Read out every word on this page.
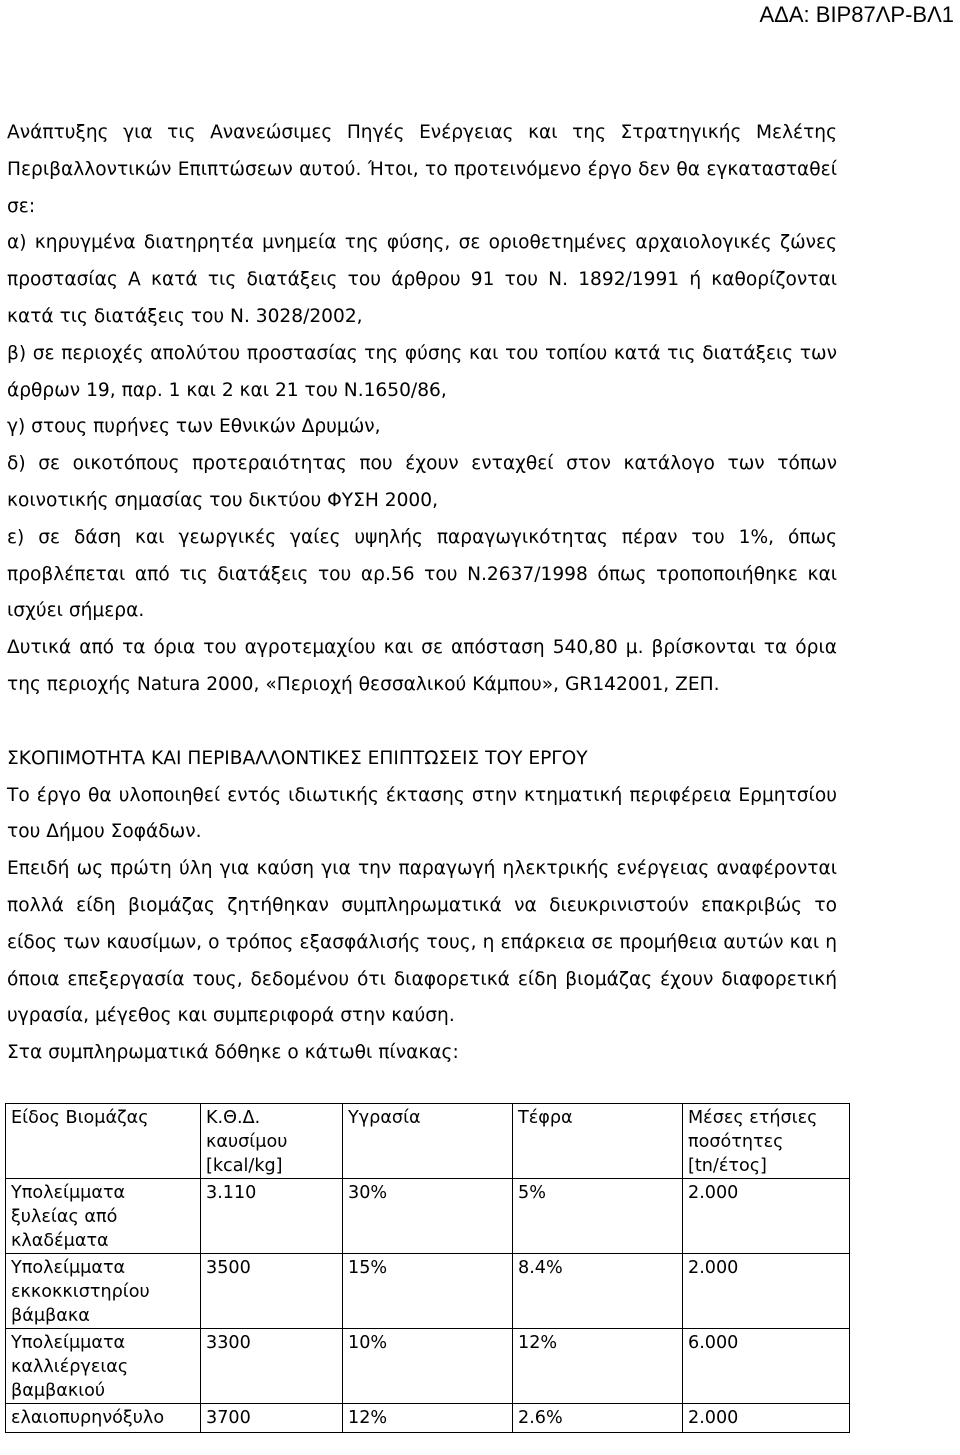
ΑΔΑ: ΒΙΡ87ΛΡ-ΒΛ1

Ανάπτυξης για τις Ανανεώσιμες Πηγές Ενέργειας και της Στρατηγικής Μελέτης Περιβαλλοντικών Επιπτώσεων αυτού. Ήτοι, το προτεινόμενο έργο δεν θα εγκατασταθεί σε:

α) κηρυγμένα διατηρητέα μνημεία της φύσης, σε οριοθετημένες αρχαιολογικές ζώνες προστασίας Α κατά τις διατάξεις του άρθρου 91 του Ν. 1892/1991 ή καθορίζονται κατά τις διατάξεις του Ν. 3028/2002,

β) σε περιοχές απολύτου προστασίας της φύσης και του τοπίου κατά τις διατάξεις των άρθρων 19, παρ. 1 και 2 και 21 του Ν.1650/86,

γ) στους πυρήνες των Εθνικών Δρυμών,

δ) σε οικοτόπους προτεραιότητας που έχουν ενταχθεί στον κατάλογο των τόπων κοινοτικής σημασίας του δικτύου ΦΥΣΗ 2000,

ε) σε δάση και γεωργικές γαίες υψηλής παραγωγικότητας πέραν του 1%, όπως προβλέπεται από τις διατάξεις του αρ.56 του Ν.2637/1998 όπως τροποποιήθηκε και ισχύει σήμερα.

Δυτικά από τα όρια του αγροτεμαχίου και σε απόσταση 540,80 μ. βρίσκονται τα όρια της περιοχής Natura 2000, «Περιοχή θεσσαλικού Κάμπου», GR142001, ΖΕΠ.

ΣΚΟΠΙΜΟΤΗΤΑ ΚΑΙ ΠΕΡΙΒΑΛΛΟΝΤΙΚΕΣ ΕΠΙΠΤΩΣΕΙΣ ΤΟΥ ΕΡΓΟΥ

Το έργο θα υλοποιηθεί εντός ιδιωτικής έκτασης στην κτηματική περιφέρεια Ερμητσίου του Δήμου Σοφάδων.

Επειδή ως πρώτη ύλη για καύση για την παραγωγή ηλεκτρικής ενέργειας αναφέρονται πολλά είδη βιομάζας ζητήθηκαν συμπληρωματικά να διευκρινιστούν επακριβώς το είδος των καυσίμων, ο τρόπος εξασφάλισής τους, η επάρκεια σε προμήθεια αυτών και η όποια επεξεργασία τους, δεδομένου ότι διαφορετικά είδη βιομάζας έχουν διαφορετική υγρασία, μέγεθος και συμπεριφορά στην καύση.

Στα συμπληρωματικά δόθηκε ο κάτωθι πίνακας:

Είδος Βιομάζας	Κ.Θ.Δ.
καυσίμου
[kcal/kg]	Υγρασία	Τέφρα	Μέσες ετήσιες
ποσότητες
[tn/έτος]

Υπολείμματα
ξυλείας από
κλαδέματα	3.110	30%	5%	2.000

Υπολείμματα
εκκοκκιστηρίου
βάμβακα	3500	15%	8.4%	2.000

Υπολείμματα
καλλιέργειας
βαμβακιού	3300	10%	12%	6.000

ελαιοπυρηνόξυλο	3700	12%	2.6%	2.000
